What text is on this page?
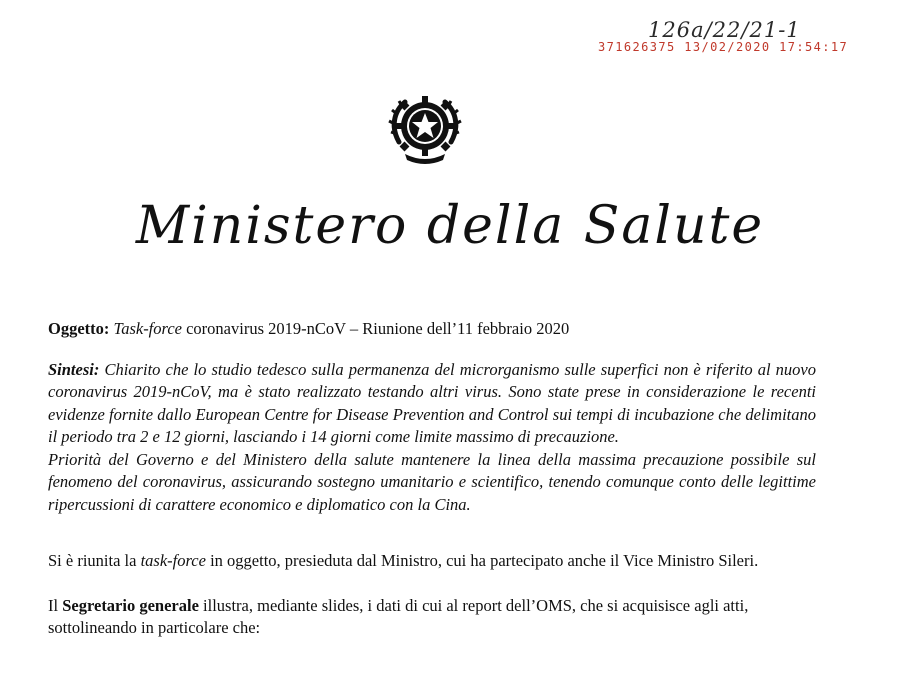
126a/22/21-1
371626375 13/02/2020 17:54:17
Ministero della Salute
Oggetto: Task-force coronavirus 2019-nCoV – Riunione dell’11 febbraio 2020

Sintesi: Chiarito che lo studio tedesco sulla permanenza del microrganismo sulle superfici non è riferito al nuovo coronavirus 2019-nCoV, ma è stato realizzato testando altri virus. Sono state prese in considerazione le recenti evidenze fornite dallo European Centre for Disease Prevention and Control sui tempi di incubazione che delimitano il periodo tra 2 e 12 giorni, lasciando i 14 giorni come limite massimo di precauzione.

Priorità del Governo e del Ministero della salute mantenere la linea della massima precauzione possibile sul fenomeno del coronavirus, assicurando sostegno umanitario e scientifico, tenendo comunque conto delle legittime ripercussioni di carattere economico e diplomatico con la Cina.

Si è riunita la task-force in oggetto, presieduta dal Ministro, cui ha partecipato anche il Vice Ministro Sileri.
Il Segretario generale illustra, mediante slides, i dati di cui al report dell’OMS, che si acquisisce agli atti, sottolineando in particolare che:
